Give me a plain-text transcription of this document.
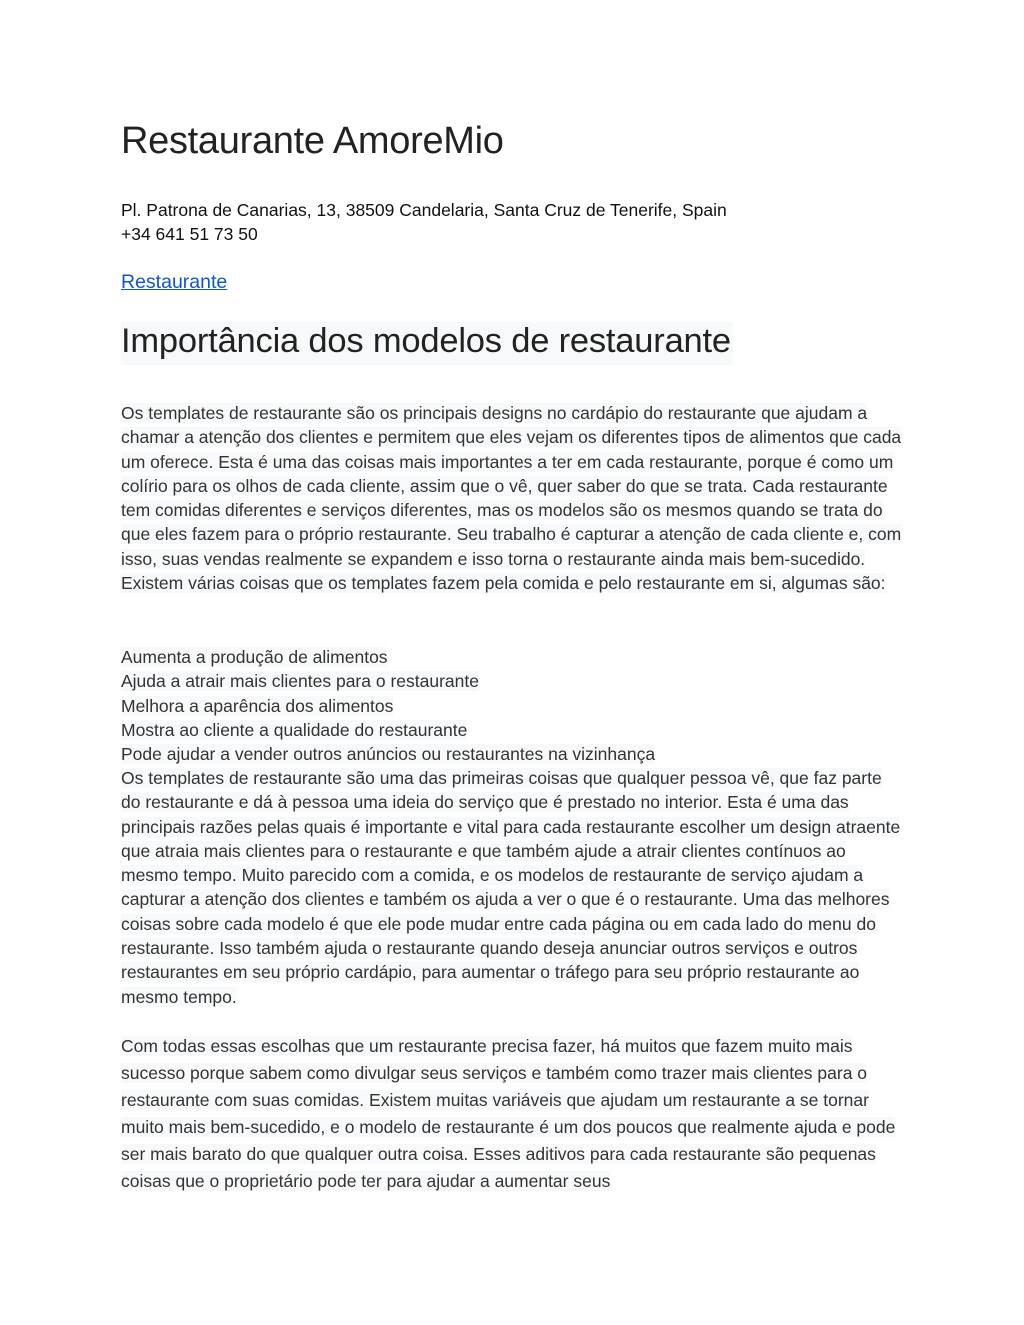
Restaurante AmoreMio
Pl. Patrona de Canarias, 13, 38509 Candelaria, Santa Cruz de Tenerife, Spain
+34 641 51 73 50
Restaurante
Importância dos modelos de restaurante
Os templates de restaurante são os principais designs no cardápio do restaurante que ajudam a chamar a atenção dos clientes e permitem que eles vejam os diferentes tipos de alimentos que cada um oferece. Esta é uma das coisas mais importantes a ter em cada restaurante, porque é como um colírio para os olhos de cada cliente, assim que o vê, quer saber do que se trata. Cada restaurante tem comidas diferentes e serviços diferentes, mas os modelos são os mesmos quando se trata do que eles fazem para o próprio restaurante. Seu trabalho é capturar a atenção de cada cliente e, com isso, suas vendas realmente se expandem e isso torna o restaurante ainda mais bem-sucedido. Existem várias coisas que os templates fazem pela comida e pelo restaurante em si, algumas são:
Aumenta a produção de alimentos
Ajuda a atrair mais clientes para o restaurante
Melhora a aparência dos alimentos
Mostra ao cliente a qualidade do restaurante
Pode ajudar a vender outros anúncios ou restaurantes na vizinhança
Os templates de restaurante são uma das primeiras coisas que qualquer pessoa vê, que faz parte do restaurante e dá à pessoa uma ideia do serviço que é prestado no interior. Esta é uma das principais razões pelas quais é importante e vital para cada restaurante escolher um design atraente que atraia mais clientes para o restaurante e que também ajude a atrair clientes contínuos ao mesmo tempo. Muito parecido com a comida, e os modelos de restaurante de serviço ajudam a capturar a atenção dos clientes e também os ajuda a ver o que é o restaurante. Uma das melhores coisas sobre cada modelo é que ele pode mudar entre cada página ou em cada lado do menu do restaurante. Isso também ajuda o restaurante quando deseja anunciar outros serviços e outros restaurantes em seu próprio cardápio, para aumentar o tráfego para seu próprio restaurante ao mesmo tempo.
Com todas essas escolhas que um restaurante precisa fazer, há muitos que fazem muito mais sucesso porque sabem como divulgar seus serviços e também como trazer mais clientes para o restaurante com suas comidas. Existem muitas variáveis que ajudam um restaurante a se tornar muito mais bem-sucedido, e o modelo de restaurante é um dos poucos que realmente ajuda e pode ser mais barato do que qualquer outra coisa. Esses aditivos para cada restaurante são pequenas coisas que o proprietário pode ter para ajudar a aumentar seus
